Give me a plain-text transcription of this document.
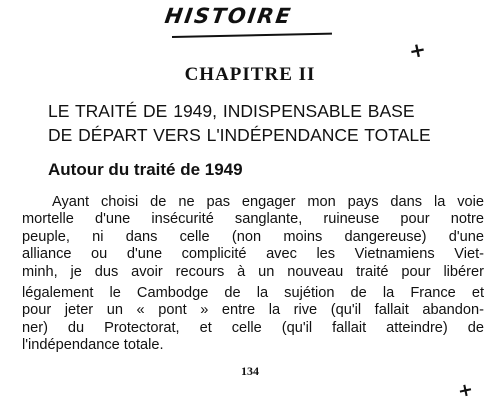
HISTOIRE
+
CHAPITRE II
LE TRAITÉ DE 1949, INDISPENSABLE BASE
DE DÉPART VERS L'INDÉPENDANCE TOTALE
Autour du traité de 1949
Ayant choisi de ne pas engager mon pays dans la voie
mortelle d'une insécurité sanglante, ruineuse pour notre
peuple, ni dans celle (non moins dangereuse) d'une
alliance ou d'une complicité avec les Vietnamiens Viet-
minh, je dus avoir recours à un nouveau traité pour libérer
légalement le Cambodge de la sujétion de la France et
pour jeter un « pont » entre la rive (qu'il fallait abandon-
ner) du Protectorat, et celle (qu'il fallait atteindre) de
l'indépendance totale.
134
+
